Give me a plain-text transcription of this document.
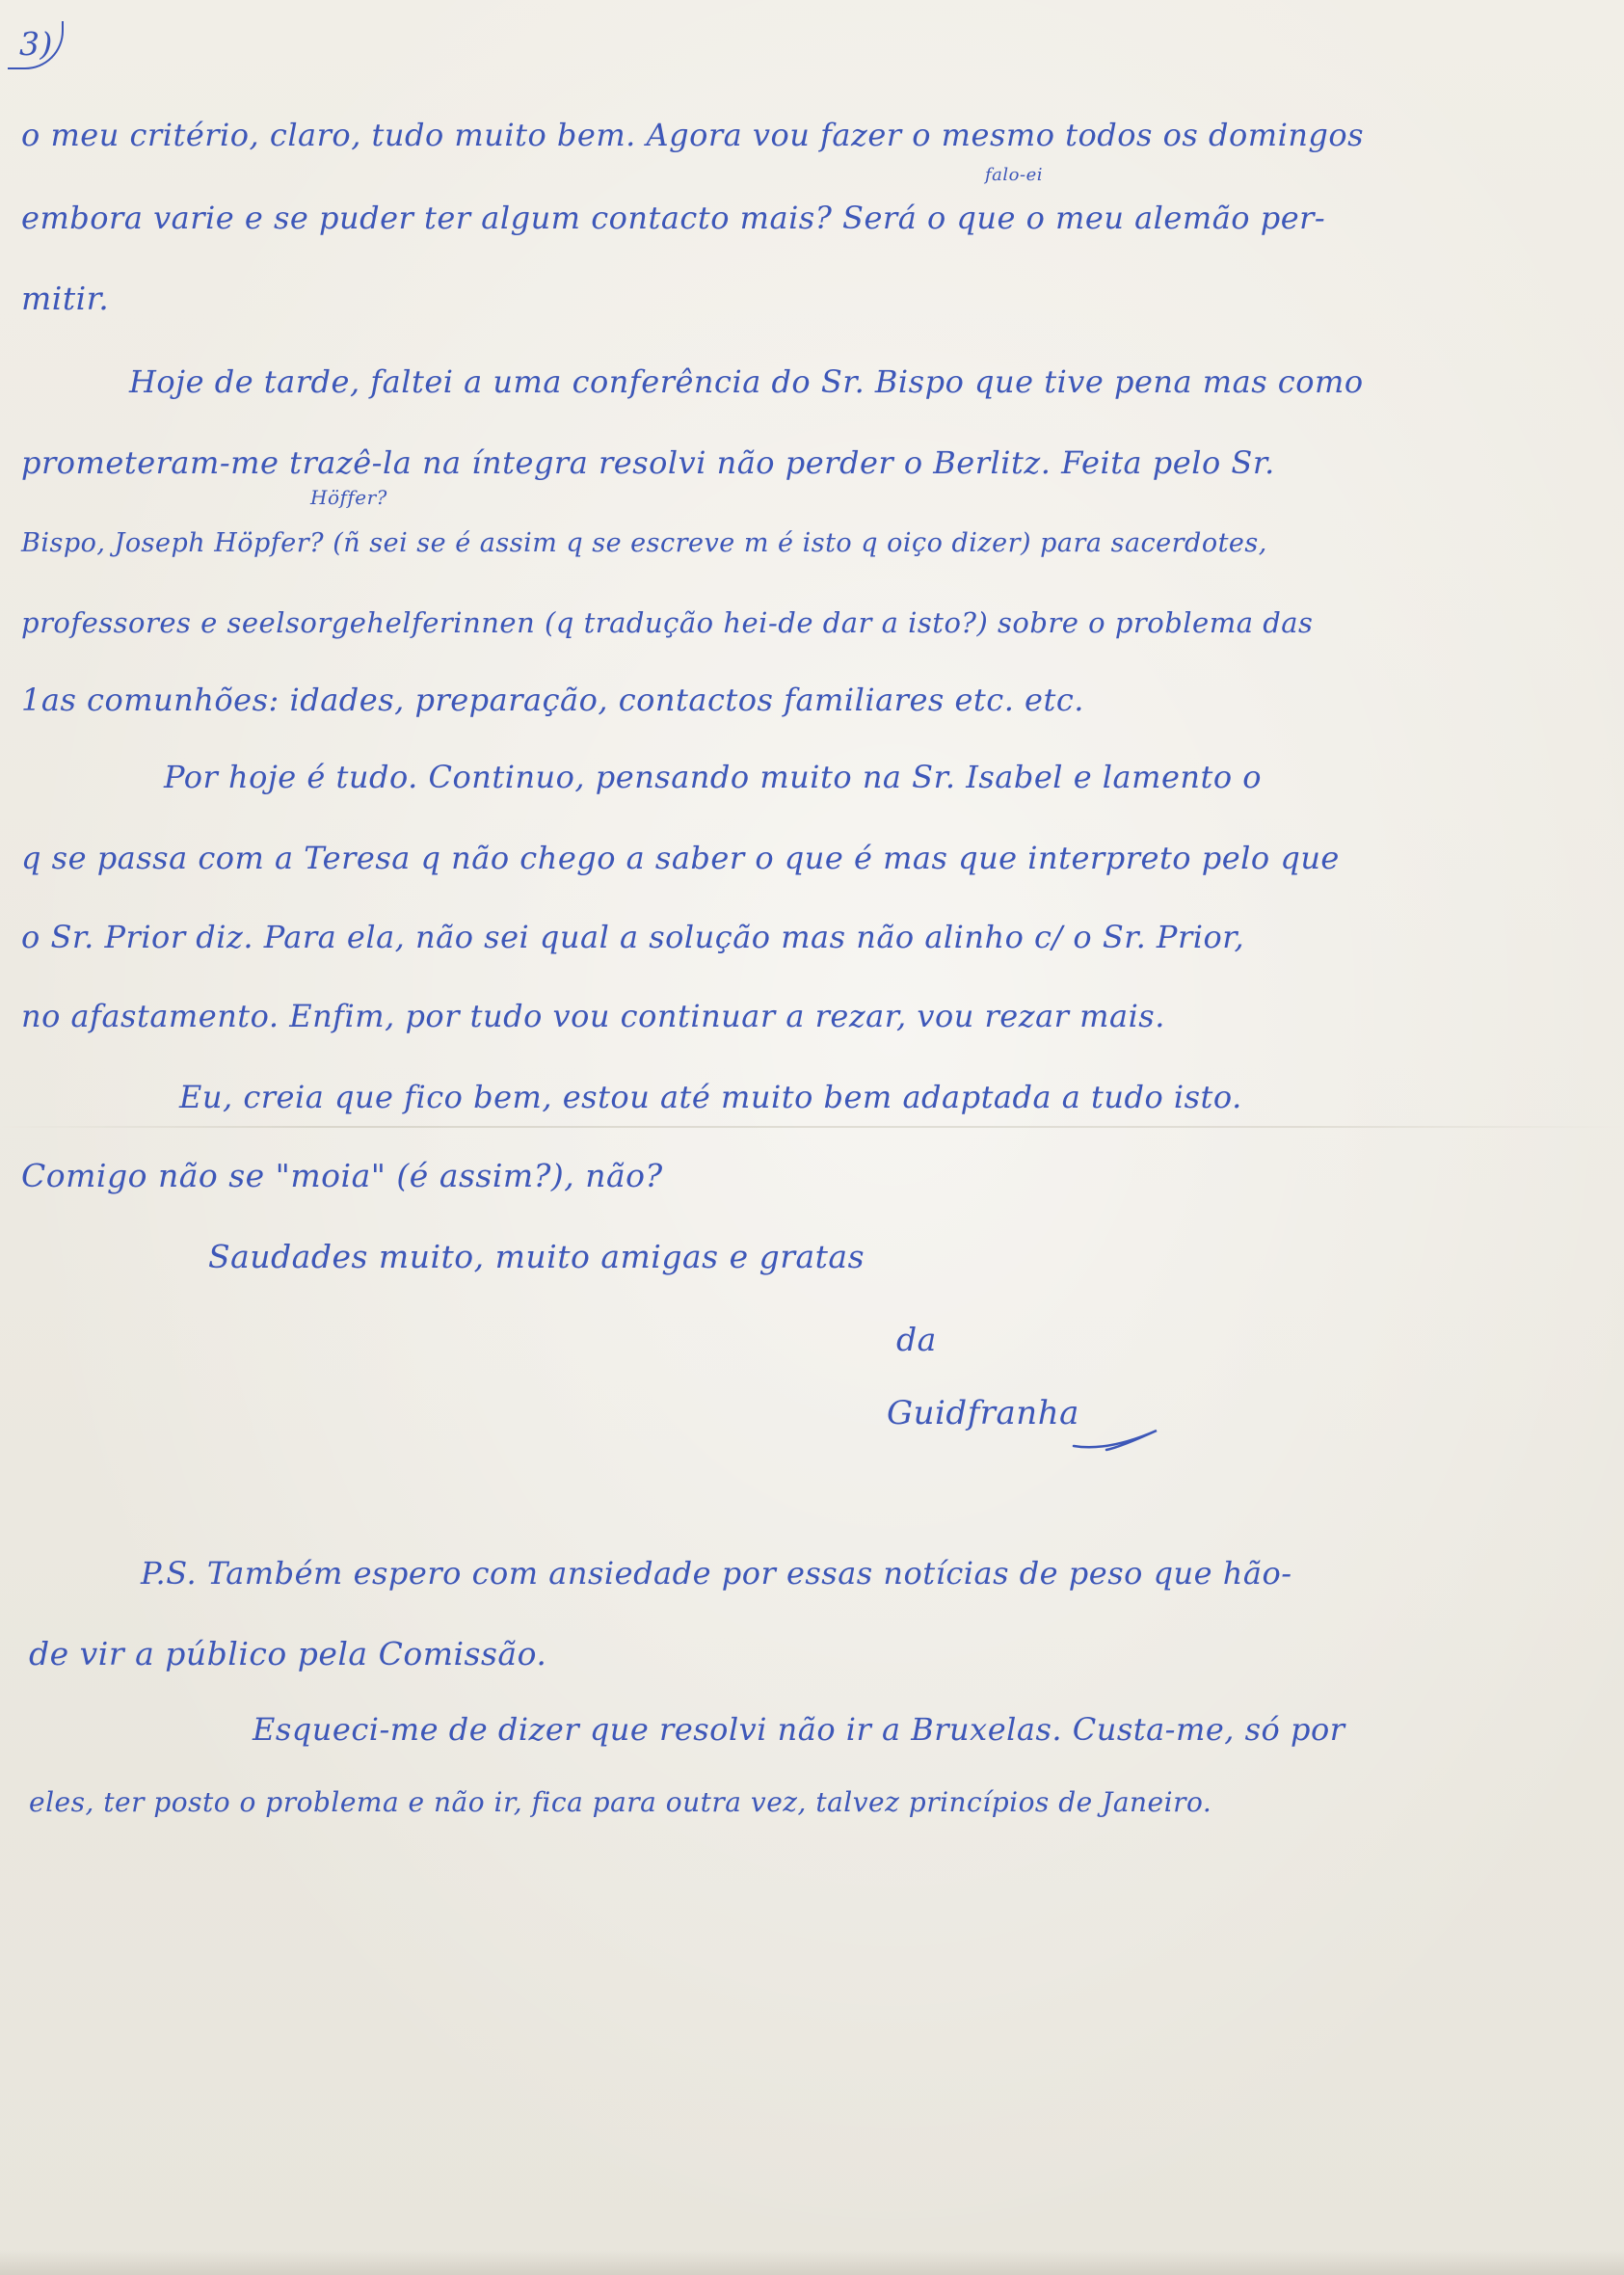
3)
o meu critério, claro, tudo muito bem. Agora vou fazer o mesmo todos os domingos
falo-ei
embora varie e se puder ter algum contacto mais? Será o que o meu alemão per-
mitir.
Hoje de tarde, faltei a uma conferência do Sr. Bispo que tive pena mas como
prometeram-me trazê-la na íntegra resolvi não perder o Berlitz. Feita pelo Sr.
Höffer?
Bispo, Joseph Höpfer? (ñ sei se é assim q se escreve m é isto q oiço dizer) para sacerdotes,
professores e seelsorgehelferinnen (q tradução hei-de dar a isto?) sobre o problema das
1as comunhões: idades, preparação, contactos familiares etc. etc.
Por hoje é tudo. Continuo, pensando muito na Sr. Isabel e lamento o
q se passa com a Teresa q não chego a saber o que é mas que interpreto pelo que
o Sr. Prior diz. Para ela, não sei qual a solução mas não alinho c/ o Sr. Prior,
no afastamento. Enfim, por tudo vou continuar a rezar, vou rezar mais.
Eu, creia que fico bem, estou até muito bem adaptada a tudo isto.
Comigo não se "moia" (é assim?), não?
Saudades muito, muito amigas e gratas
da
Guidfranha
P.S. Também espero com ansiedade por essas notícias de peso que hão-
de vir a público pela Comissão.
Esqueci-me de dizer que resolvi não ir a Bruxelas. Custa-me, só por
eles, ter posto o problema e não ir, fica para outra vez, talvez princípios de Janeiro.
